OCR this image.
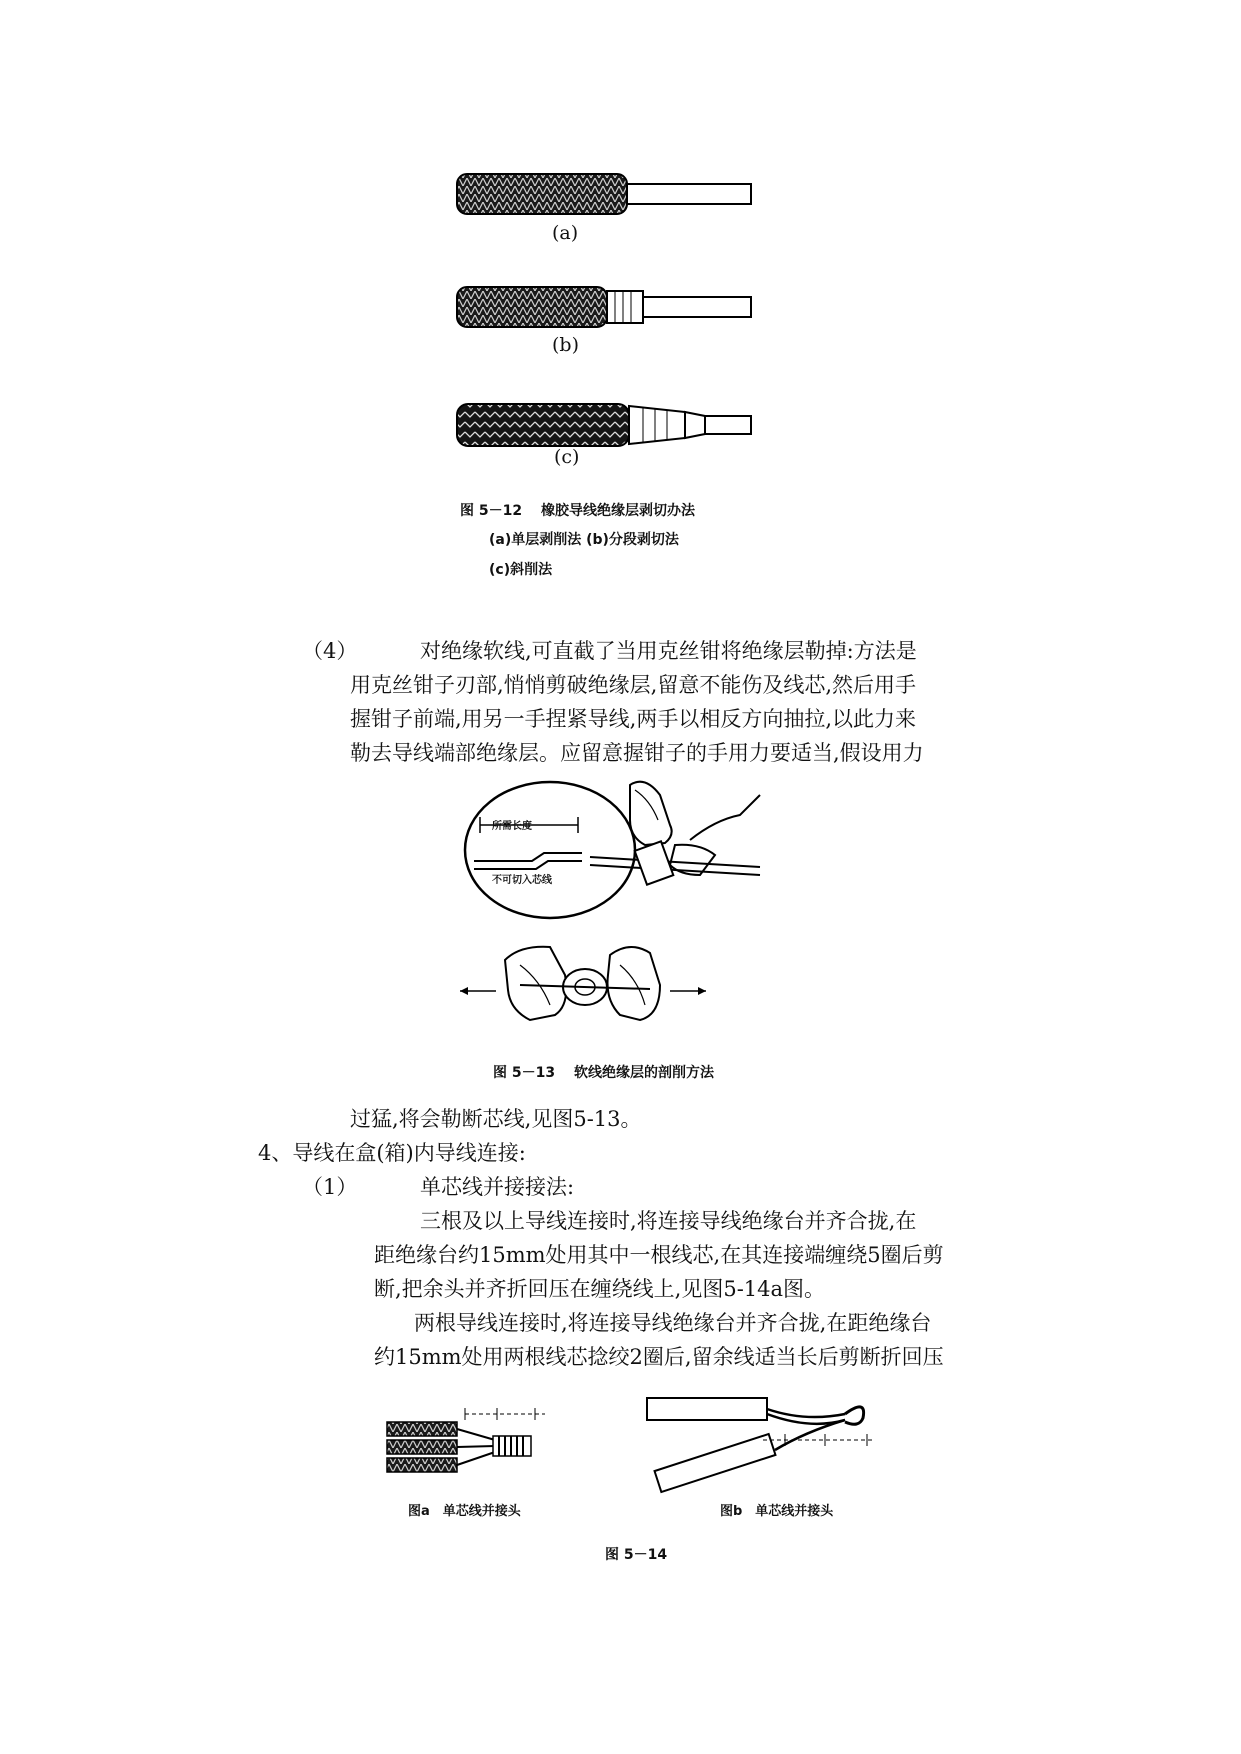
(a)
(b)
(c)
图 5－12　 橡胶导线绝缘层剥切办法
(a)单层剥削法 (b)分段剥切法
(c)斜削法
（4）	对绝缘软线,可直截了当用克丝钳将绝缘层勒掉:方法是
用克丝钳子刃部,悄悄剪破绝缘层,留意不能伤及线芯,然后用手
握钳子前端,用另一手捏紧导线,两手以相反方向抽拉,以此力来
勒去导线端部绝缘层。应留意握钳子的手用力要适当,假设用力
所需长度
不可切入芯线
图 5－13　 软线绝缘层的剖削方法
过猛,将会勒断芯线,见图5-13。
4、导线在盒(箱)内导线连接:
（1）	单芯线并接接法:
三根及以上导线连接时,将连接导线绝缘台并齐合拢,在
距绝缘台约15mm处用其中一根线芯,在其连接端缠绕5圈后剪
断,把余头并齐折回压在缠绕线上,见图5-14a图。
两根导线连接时,将连接导线绝缘台并齐合拢,在距绝缘台
约15mm处用两根线芯捻绞2圈后,留余线适当长后剪断折回压
图a　单芯线并接头	图b　单芯线并接头
图 5－14
